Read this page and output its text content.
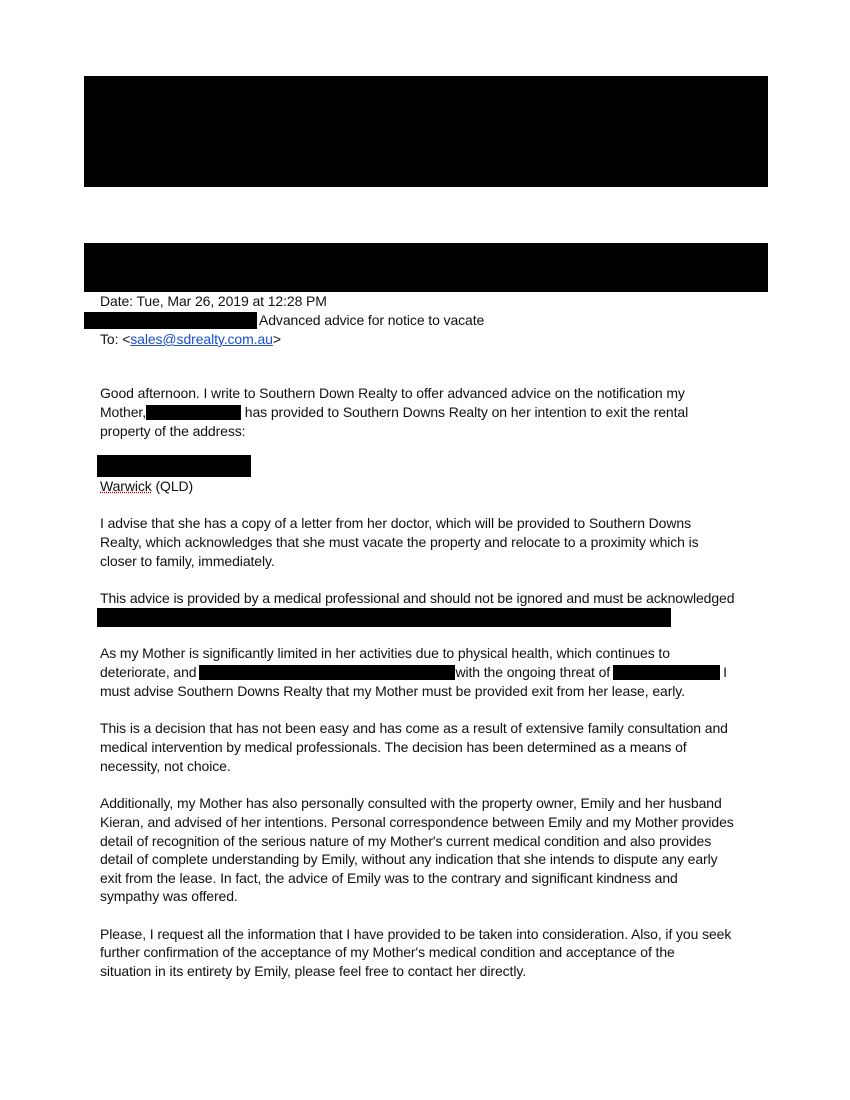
Date: Tue, Mar 26, 2019 at 12:28 PM
Advanced advice for notice to vacate
To: <sales@sdrealty.com.au>
Good afternoon. I write to Southern Down Realty to offer advanced advice on the notification my
Mother,	has provided to Southern Downs Realty on her intention to exit the rental
property of the address:
Warwick (QLD)
I advise that she has a copy of a letter from her doctor, which will be provided to Southern Downs
Realty, which acknowledges that she must vacate the property and relocate to a proximity which is
closer to family, immediately.
This advice is provided by a medical professional and should not be ignored and must be acknowledged
As my Mother is significantly limited in her activities due to physical health, which continues to
deteriorate, and	with the ongoing threat of	I
must advise Southern Downs Realty that my Mother must be provided exit from her lease, early.
This is a decision that has not been easy and has come as a result of extensive family consultation and
medical intervention by medical professionals. The decision has been determined as a means of
necessity, not choice.
Additionally, my Mother has also personally consulted with the property owner, Emily and her husband
Kieran, and advised of her intentions. Personal correspondence between Emily and my Mother provides
detail of recognition of the serious nature of my Mother's current medical condition and also provides
detail of complete understanding by Emily, without any indication that she intends to dispute any early
exit from the lease. In fact, the advice of Emily was to the contrary and significant kindness and
sympathy was offered.
Please, I request all the information that I have provided to be taken into consideration. Also, if you seek
further confirmation of the acceptance of my Mother's medical condition and acceptance of the
situation in its entirety by Emily, please feel free to contact her directly.
